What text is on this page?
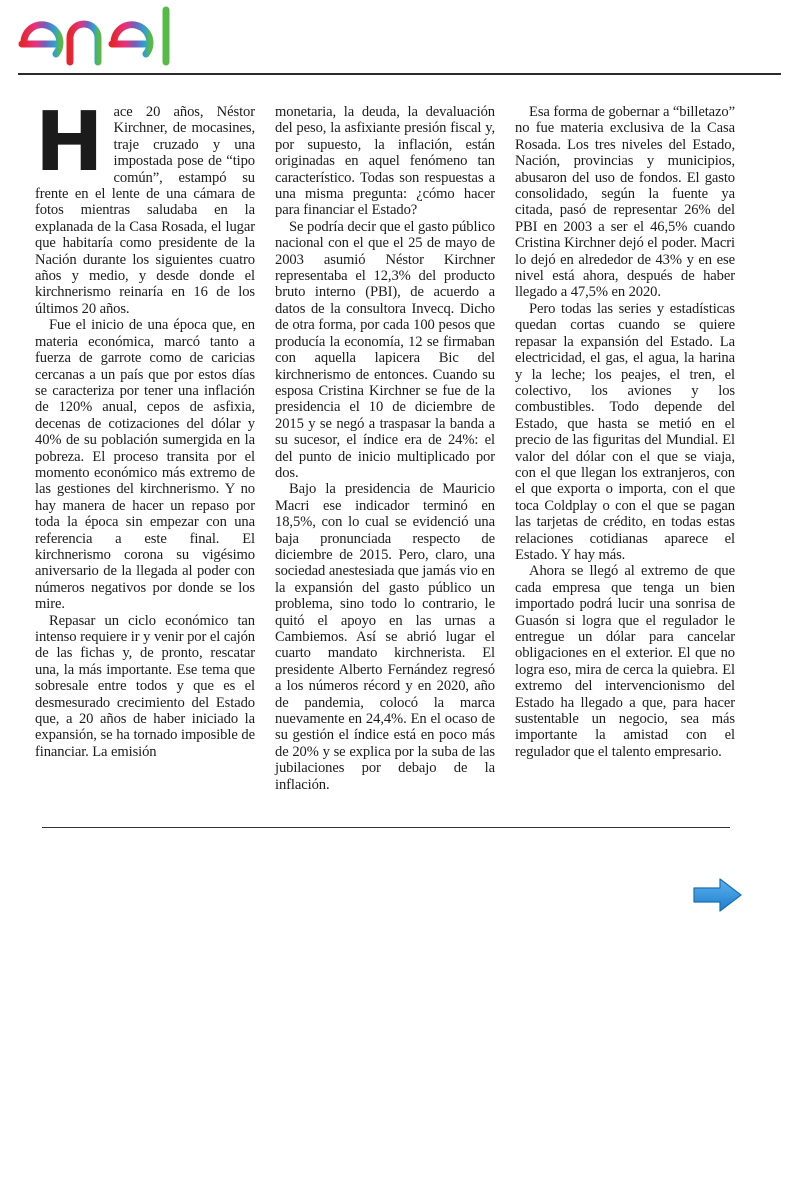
Hace 20 años, Néstor Kirchner, de mocasines, traje cruzado y una impostada pose de “tipo común”, estampó su frente en el lente de una cámara de fotos mientras saludaba en la explanada de la Casa Rosada, el lugar que habitaría como presidente de la Nación durante los siguientes cuatro años y medio, y desde donde el kirchnerismo reinaría en 16 de los últimos 20 años.

Fue el inicio de una época que, en materia económica, marcó tanto a fuerza de garrote como de caricias cercanas a un país que por estos días se caracteriza por tener una inflación de 120% anual, cepos de asfixia, decenas de cotizaciones del dólar y 40% de su población sumergida en la pobreza. El proceso transita por el momento económico más extremo de las gestiones del kirchnerismo. Y no hay manera de hacer un repaso por toda la época sin empezar con una referencia a este final. El kirchnerismo corona su vigésimo aniversario de la llegada al poder con números negativos por donde se los mire.

Repasar un ciclo económico tan intenso requiere ir y venir por el cajón de las fichas y, de pronto, rescatar una, la más importante. Ese tema que sobresale entre todos y que es el desmesurado crecimiento del Estado que, a 20 años de haber iniciado la expansión, se ha tornado imposible de financiar. La emisión

monetaria, la deuda, la devaluación del peso, la asfixiante presión fiscal y, por supuesto, la inflación, están originadas en aquel fenómeno tan característico. Todas son respuestas a una misma pregunta: ¿cómo hacer para financiar el Estado?

Se podría decir que el gasto público nacional con el que el 25 de mayo de 2003 asumió Néstor Kirchner representaba el 12,3% del producto bruto interno (PBI), de acuerdo a datos de la consultora Invecq. Dicho de otra forma, por cada 100 pesos que producía la economía, 12 se firmaban con aquella lapicera Bic del kirchnerismo de entonces. Cuando su esposa Cristina Kirchner se fue de la presidencia el 10 de diciembre de 2015 y se negó a traspasar la banda a su sucesor, el índice era de 24%: el del punto de inicio multiplicado por dos.

Bajo la presidencia de Mauricio Macri ese indicador terminó en 18,5%, con lo cual se evidenció una baja pronunciada respecto de diciembre de 2015. Pero, claro, una sociedad anestesiada que jamás vio en la expansión del gasto público un problema, sino todo lo contrario, le quitó el apoyo en las urnas a Cambiemos. Así se abrió lugar el cuarto mandato kirchnerista. El presidente Alberto Fernández regresó a los números récord y en 2020, año de pandemia, colocó la marca nuevamente en 24,4%. En el ocaso de su gestión el índice está en poco más de 20% y se explica por la suba de las jubilaciones por debajo de la inflación.

Esa forma de gobernar a “billetazo” no fue materia exclusiva de la Casa Rosada. Los tres niveles del Estado, Nación, provincias y municipios, abusaron del uso de fondos. El gasto consolidado, según la fuente ya citada, pasó de representar 26% del PBI en 2003 a ser el 46,5% cuando Cristina Kirchner dejó el poder. Macri lo dejó en alrededor de 43% y en ese nivel está ahora, después de haber llegado a 47,5% en 2020.

Pero todas las series y estadísticas quedan cortas cuando se quiere repasar la expansión del Estado. La electricidad, el gas, el agua, la harina y la leche; los peajes, el tren, el colectivo, los aviones y los combustibles. Todo depende del Estado, que hasta se metió en el precio de las figuritas del Mundial. El valor del dólar con el que se viaja, con el que llegan los extranjeros, con el que exporta o importa, con el que toca Coldplay o con el que se pagan las tarjetas de crédito, en todas estas relaciones cotidianas aparece el Estado. Y hay más.

Ahora se llegó al extremo de que cada empresa que tenga un bien importado podrá lucir una sonrisa de Guasón si logra que el regulador le entregue un dólar para cancelar obligaciones en el exterior. El que no logra eso, mira de cerca la quiebra. El extremo del intervencionismo del Estado ha llegado a que, para hacer sustentable un negocio, sea más importante la amistad con el regulador que el talento empresario.
